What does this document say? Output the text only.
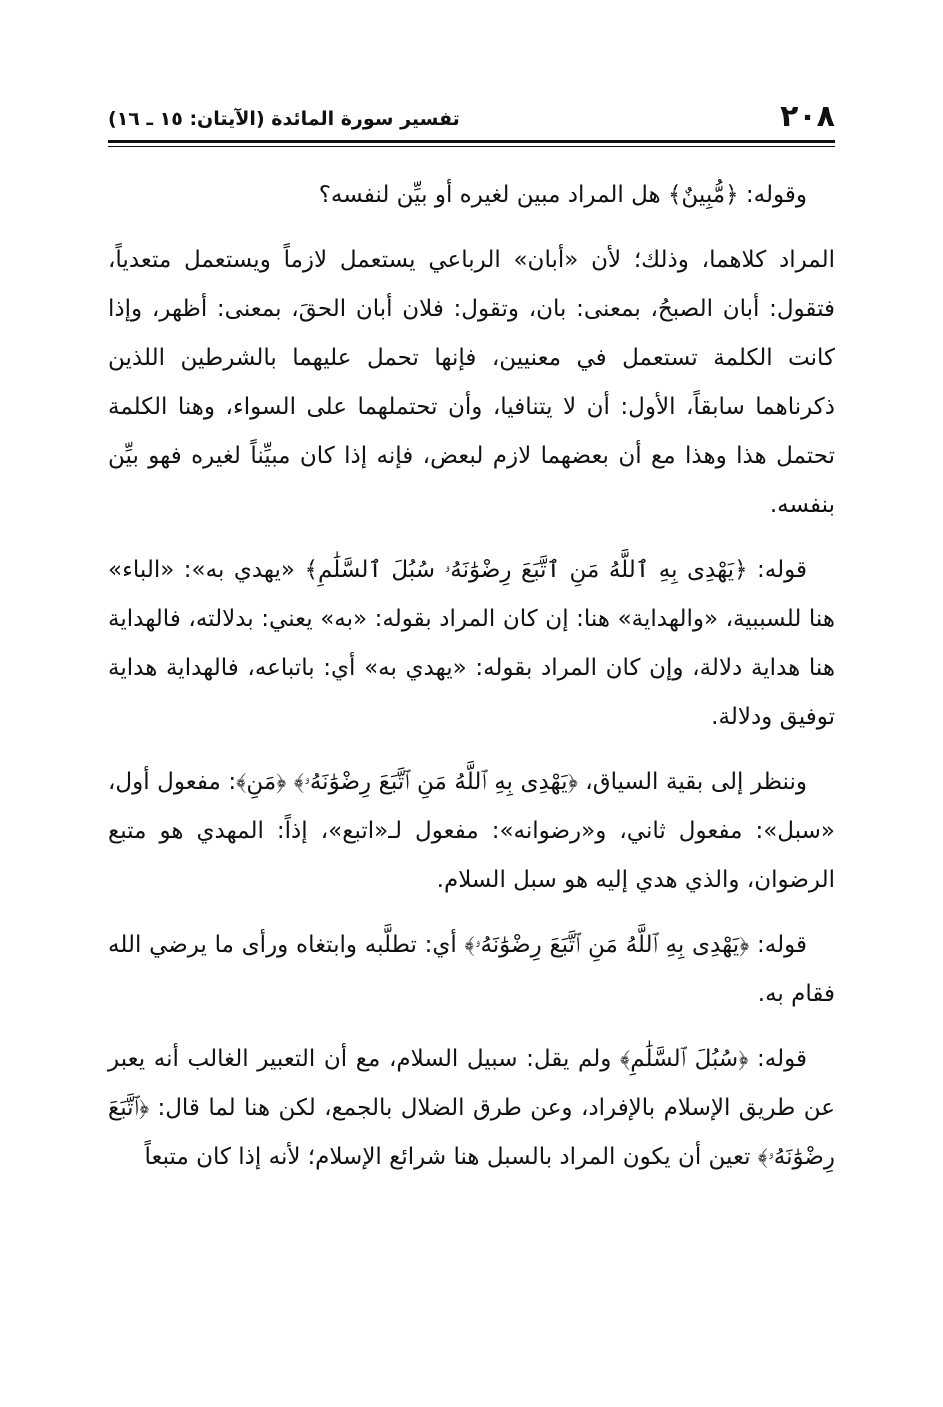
٢٠٨
تفسير سورة المائدة (الآيتان: ١٥ ـ ١٦)

وقوله: ﴿مُّبِينٌ﴾ هل المراد مبين لغيره أو بيِّن لنفسه؟

المراد كلاهما، وذلك؛ لأن «أبان» الرباعي يستعمل لازماً ويستعمل متعدياً، فتقول: أبان الصبحُ، بمعنى: بان، وتقول: فلان أبان الحقَ، بمعنى: أظهر، وإذا كانت الكلمة تستعمل في معنيين، فإنها تحمل عليهما بالشرطين اللذين ذكرناهما سابقاً، الأول: أن لا يتنافيا، وأن تحتملهما على السواء، وهنا الكلمة تحتمل هذا وهذا مع أن بعضهما لازم لبعض، فإنه إذا كان مبيِّناً لغيره فهو بيِّن بنفسه.

قوله: ﴿يَهْدِى بِهِ ٱللَّهُ مَنِ ٱتَّبَعَ رِضْوَٰنَهُۥ سُبُلَ ٱلسَّلَٰمِ﴾ «يهدي به»: «الباء» هنا للسببية، «والهداية» هنا: إن كان المراد بقوله: «به» يعني: بدلالته، فالهداية هنا هداية دلالة، وإن كان المراد بقوله: «يهدي به» أي: باتباعه، فالهداية هداية توفيق ودلالة.

وننظر إلى بقية السياق، ﴿يَهْدِى بِهِ ٱللَّهُ مَنِ ٱتَّبَعَ رِضْوَٰنَهُۥ﴾ ﴿مَنِ﴾: مفعول أول، «سبل»: مفعول ثاني، و«رضوانه»: مفعول لـ«اتبع»، إذاً: المهدي هو متبع الرضوان، والذي هدي إليه هو سبل السلام.

قوله: ﴿يَهْدِى بِهِ ٱللَّهُ مَنِ ٱتَّبَعَ رِضْوَٰنَهُۥ﴾ أي: تطلَّبه وابتغاه ورأى ما يرضي الله فقام به.

قوله: ﴿سُبُلَ ٱلسَّلَٰمِ﴾ ولم يقل: سبيل السلام، مع أن التعبير الغالب أنه يعبر عن طريق الإسلام بالإفراد، وعن طرق الضلال بالجمع، لكن هنا لما قال: ﴿ٱتَّبَعَ رِضْوَٰنَهُۥ﴾ تعين أن يكون المراد بالسبل هنا شرائع الإسلام؛ لأنه إذا كان متبعاً
